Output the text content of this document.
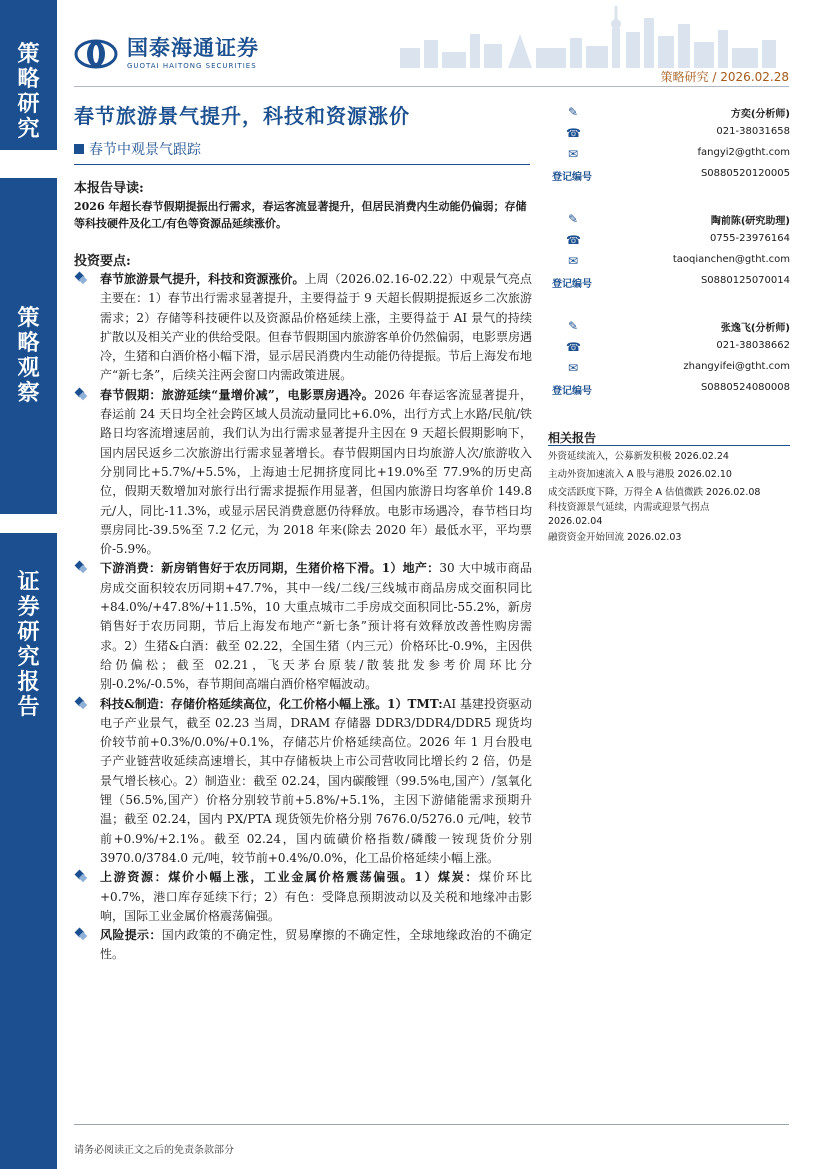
策
略
研
究
策
略
观
察
证
券
研
究
报
告
国泰海通证券
GUOTAI HAITONG SECURITIES
策略研究 / 2026.02.28
春节旅游景气提升，科技和资源涨价
春节中观景气跟踪
本报告导读:
2026 年超长春节假期提振出行需求，春运客流显著提升，但居民消费内生动能仍偏弱；存储等科技硬件及化工/有色等资源品延续涨价。
投资要点:
春节旅游景气提升，科技和资源涨价。上周（2026.02.16-02.22）中观景气亮点主要在：1）春节出行需求显著提升，主要得益于 9 天超长假期提振返乡二次旅游需求；2）存储等科技硬件以及资源品价格延续上涨，主要得益于 AI 景气的持续扩散以及相关产业的供给受限。但春节假期国内旅游客单价仍然偏弱，电影票房遇冷，生猪和白酒价格小幅下滑，显示居民消费内生动能仍待提振。节后上海发布地产“新七条”，后续关注两会窗口内需政策进展。
春节假期：旅游延续“量增价减”，电影票房遇冷。2026 年春运客流显著提升，春运前 24 天日均全社会跨区域人员流动量同比+6.0%，出行方式上水路/民航/铁路日均客流增速居前，我们认为出行需求显著提升主因在 9 天超长假期影响下，国内居民返乡二次旅游出行需求显著增长。春节假期国内日均旅游人次/旅游收入分别同比+5.7%/+5.5%，上海迪士尼拥挤度同比+19.0%至 77.9%的历史高位，假期天数增加对旅行出行需求提振作用显著，但国内旅游日均客单价 149.8 元/人，同比-11.3%，或显示居民消费意愿仍待释放。电影市场遇冷，春节档日均票房同比-39.5%至 7.2 亿元，为 2018 年来(除去 2020 年）最低水平，平均票价-5.9%。
下游消费：新房销售好于农历同期，生猪价格下滑。1）地产：30 大中城市商品房成交面积较农历同期+47.7%，其中一线/二线/三线城市商品房成交面积同比+84.0%/+47.8%/+11.5%，10 大重点城市二手房成交面积同比-55.2%，新房销售好于农历同期，节后上海发布地产“新七条”预计将有效释放改善性购房需求。2）生猪&白酒：截至 02.22，全国生猪（内三元）价格环比-0.9%，主因供给仍偏松；截至 02.21，飞天茅台原装/散装批发参考价周环比分别-0.2%/-0.5%，春节期间高端白酒价格窄幅波动。
科技&制造：存储价格延续高位，化工价格小幅上涨。1）TMT:AI 基建投资驱动电子产业景气，截至 02.23 当周，DRAM 存储器 DDR3/DDR4/DDR5 现货均价较节前+0.3%/0.0%/+0.1%，存储芯片价格延续高位。2026 年 1 月台股电子产业链营收延续高速增长，其中存储板块上市公司营收同比增长约 2 倍，仍是景气增长核心。2）制造业：截至 02.24，国内碳酸锂（99.5%电,国产）/氢氧化锂（56.5%,国产）价格分别较节前+5.8%/+5.1%，主因下游储能需求预期升温；截至 02.24，国内 PX/PTA 现货领先价格分别 7676.0/5276.0 元/吨，较节前+0.9%/+2.1%。截至 02.24，国内硫磺价格指数/磷酸一铵现货价分别 3970.0/3784.0 元/吨，较节前+0.4%/0.0%，化工品价格延续小幅上涨。
上游资源：煤价小幅上涨，工业金属价格震荡偏强。1）煤炭：煤价环比+0.7%，港口库存延续下行；2）有色：受降息预期波动以及关税和地缘冲击影响，国际工业金属价格震荡偏强。
风险提示：国内政策的不确定性，贸易摩擦的不确定性，全球地缘政治的不确定性。
✎	方奕(分析师)
☎	021-38031658
✉	fangyi2@gtht.com
登记编号	S0880520120005
✎	陶前陈(研究助理)
☎	0755-23976164
✉	taoqianchen@gtht.com
登记编号	S0880125070014
✎	张逸飞(分析师)
☎	021-38038662
✉	zhangyifei@gtht.com
登记编号	S0880524080008
相关报告
外资延续流入，公募新发积极 2026.02.24
主动外资加速流入 A 股与港股 2026.02.10
成交活跃度下降，万得全 A 估值微跌 2026.02.08
科技资源景气延续，内需或迎景气拐点
2026.02.04
融资资金开始回流 2026.02.03
请务必阅读正文之后的免责条款部分
